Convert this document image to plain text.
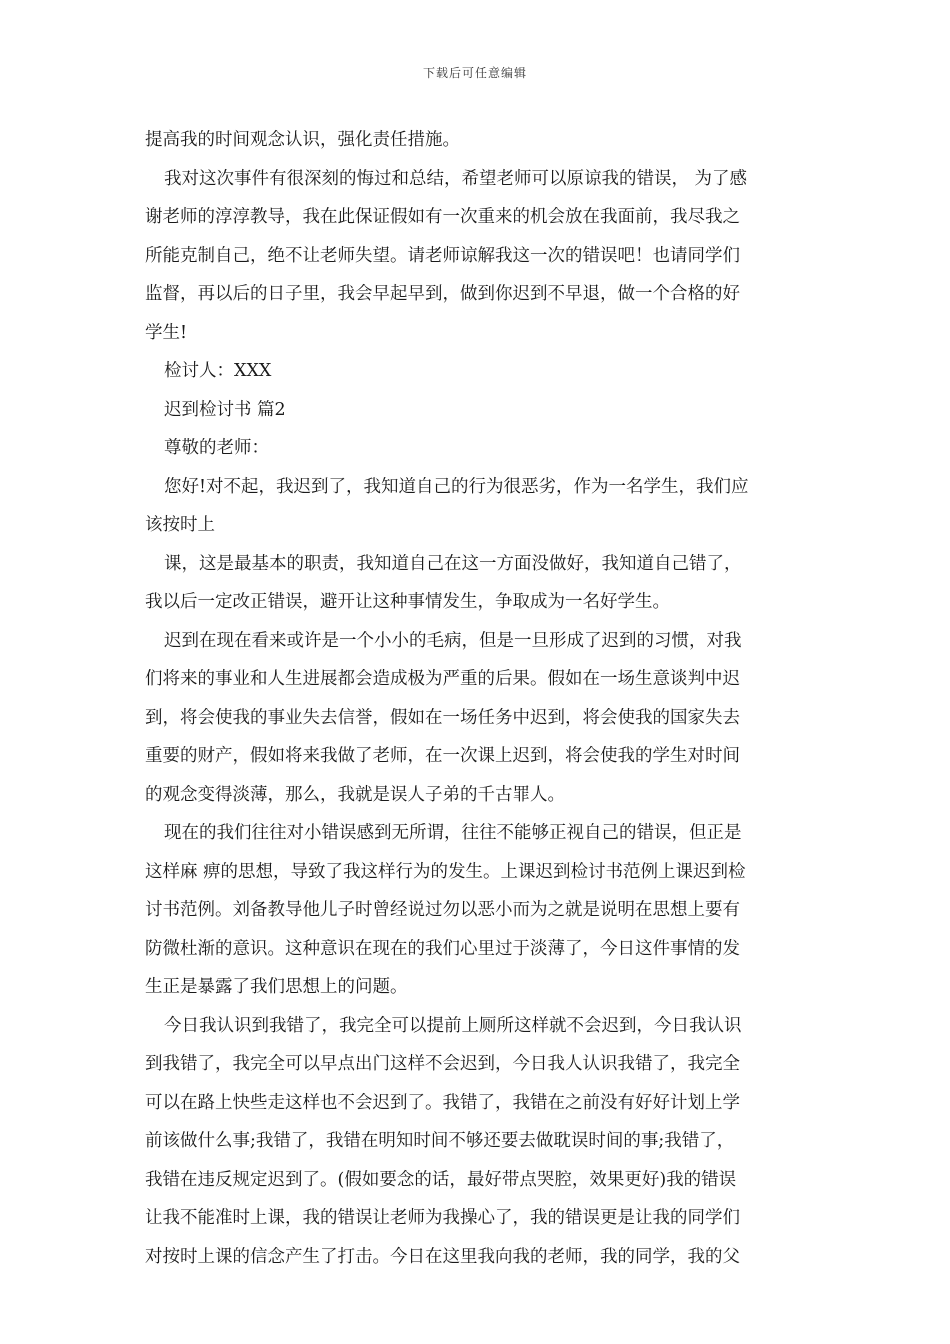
下载后可任意编辑
提高我的时间观念认识，强化责任措施。
我对这次事件有很深刻的悔过和总结，希望老师可以原谅我的错误， 为了感
谢老师的淳淳教导，我在此保证假如有一次重来的机会放在我面前，我尽我之
所能克制自己，绝不让老师失望。请老师谅解我这一次的错误吧！也请同学们
监督，再以后的日子里，我会早起早到，做到你迟到不早退，做一个合格的好
学生!
检讨人：XXX
迟到检讨书 篇2
尊敬的老师：
您好!对不起，我迟到了，我知道自己的行为很恶劣，作为一名学生，我们应
该按时上
课，这是最基本的职责，我知道自己在这一方面没做好，我知道自己错了，
我以后一定改正错误，避开让这种事情发生，争取成为一名好学生。
迟到在现在看来或许是一个小小的毛病，但是一旦形成了迟到的习惯，对我
们将来的事业和人生进展都会造成极为严重的后果。假如在一场生意谈判中迟
到，将会使我的事业失去信誉，假如在一场任务中迟到，将会使我的国家失去
重要的财产，假如将来我做了老师，在一次课上迟到，将会使我的学生对时间
的观念变得淡薄，那么，我就是误人子弟的千古罪人。
现在的我们往往对小错误感到无所谓，往往不能够正视自己的错误，但正是
这样麻 痹的思想，导致了我这样行为的发生。上课迟到检讨书范例上课迟到检
讨书范例。刘备教导他儿子时曾经说过勿以恶小而为之就是说明在思想上要有
防微杜渐的意识。这种意识在现在的我们心里过于淡薄了，今日这件事情的发
生正是暴露了我们思想上的问题。
今日我认识到我错了，我完全可以提前上厕所这样就不会迟到，今日我认识
到我错了，我完全可以早点出门这样不会迟到，今日我人认识我错了，我完全
可以在路上快些走这样也不会迟到了。我错了，我错在之前没有好好计划上学
前该做什么事;我错了，我错在明知时间不够还要去做耽误时间的事;我错了，
我错在违反规定迟到了。(假如要念的话，最好带点哭腔，效果更好)我的错误
让我不能准时上课，我的错误让老师为我操心了，我的错误更是让我的同学们
对按时上课的信念产生了打击。今日在这里我向我的老师，我的同学，我的父
